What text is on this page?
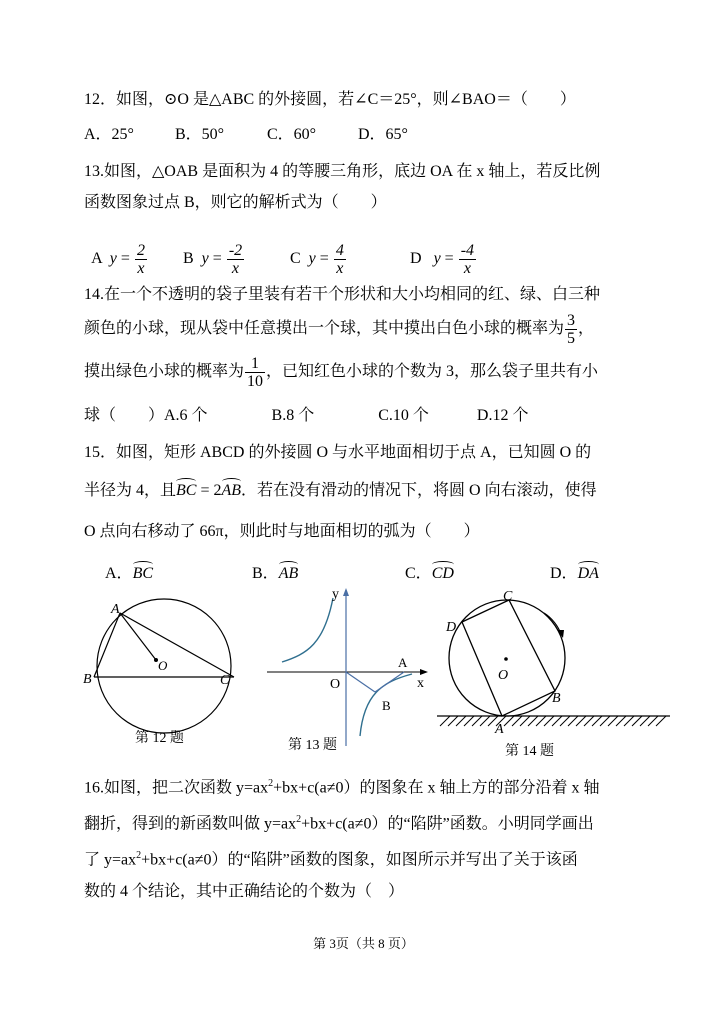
12．如图，⊙O 是△ABC 的外接圆，若∠C＝25°，则∠BAO＝（　　）
A．25°	B．50°	C．60°	D．65°
13.如图，△OAB 是面积为 4 的等腰三角形，底边 OA 在 x 轴上，若反比例
函数图象过点 B，则它的解析式为（　　）

A $y = \frac{2}{x}$	B $y = \frac{-2}{x}$	C $y = \frac{4}{x}$	D $y = \frac{-4}{x}$

14.在一个不透明的袋子里装有若干个形状和大小均相同的红、绿、白三种
颜色的小球，现从袋中任意摸出一个球，其中摸出白色小球的概率为 $\frac{3}{5}$ ，
摸出绿色小球的概率为 $\frac{1}{10}$ ，已知红色小球的个数为 3，那么袋子里共有小
球（　　）A.6 个　　　　B.8 个　　　　C.10 个　　　D.12 个
15．如图，矩形 ABCD 的外接圆 O 与水平地面相切于点 A，已知圆 O 的
半径为 4，且BC = 2AB．若在没有滑动的情况下，将圆 O 向右滚动，使得
O 点向右移动了 66π，则此时与地面相切的弧为（　　）
A．BC	B．AB	C．CD	D．DA
A
B	C
O
第 12 题
y
x
O
A
B
第 13 题
C
D
O
B
A
第 14 题
16.如图，把二次函数 $y=ax^2+bx+c(a\ne 0)$的图象在 x 轴上方的部分沿着 x 轴
翻折，得到的新函数叫做 $y=ax^2+bx+c(a\ne 0)$的“陷阱”函数。小明同学画出
了 $y=ax^2+bx+c(a\ne 0)$的“陷阱”函数的图象，如图所示并写出了关于该函
数的 4 个结论，其中正确结论的个数为（　）
第 3页（共 8 页）
